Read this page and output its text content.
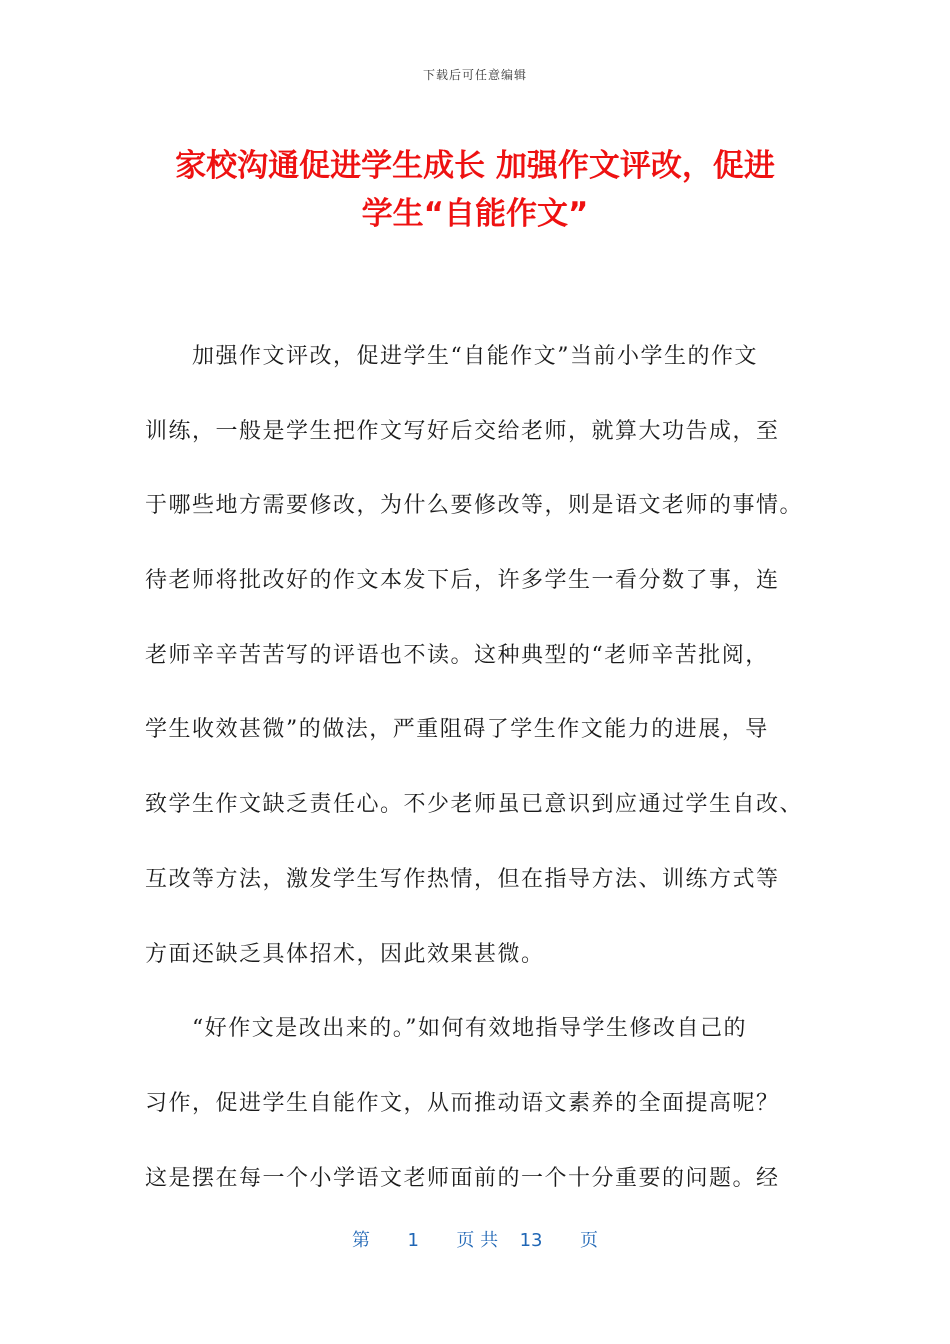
下载后可任意编辑
家校沟通促进学生成长 加强作文评改，促进
学生“自能作文”
　　加强作文评改，促进学生“自能作文”当前小学生的作文
训练，一般是学生把作文写好后交给老师，就算大功告成，至
于哪些地方需要修改，为什么要修改等，则是语文老师的事情。
待老师将批改好的作文本发下后，许多学生一看分数了事，连
老师辛辛苦苦写的评语也不读。这种典型的“老师辛苦批阅，
学生收效甚微”的做法，严重阻碍了学生作文能力的进展，导
致学生作文缺乏责任心。不少老师虽已意识到应通过学生自改、
互改等方法，激发学生写作热情，但在指导方法、训练方式等
方面还缺乏具体招术，因此效果甚微。
　　“好作文是改出来的。”如何有效地指导学生修改自己的
习作，促进学生自能作文，从而推动语文素养的全面提高呢？
这是摆在每一个小学语文老师面前的一个十分重要的问题。经
第 1 页 共 13 页
